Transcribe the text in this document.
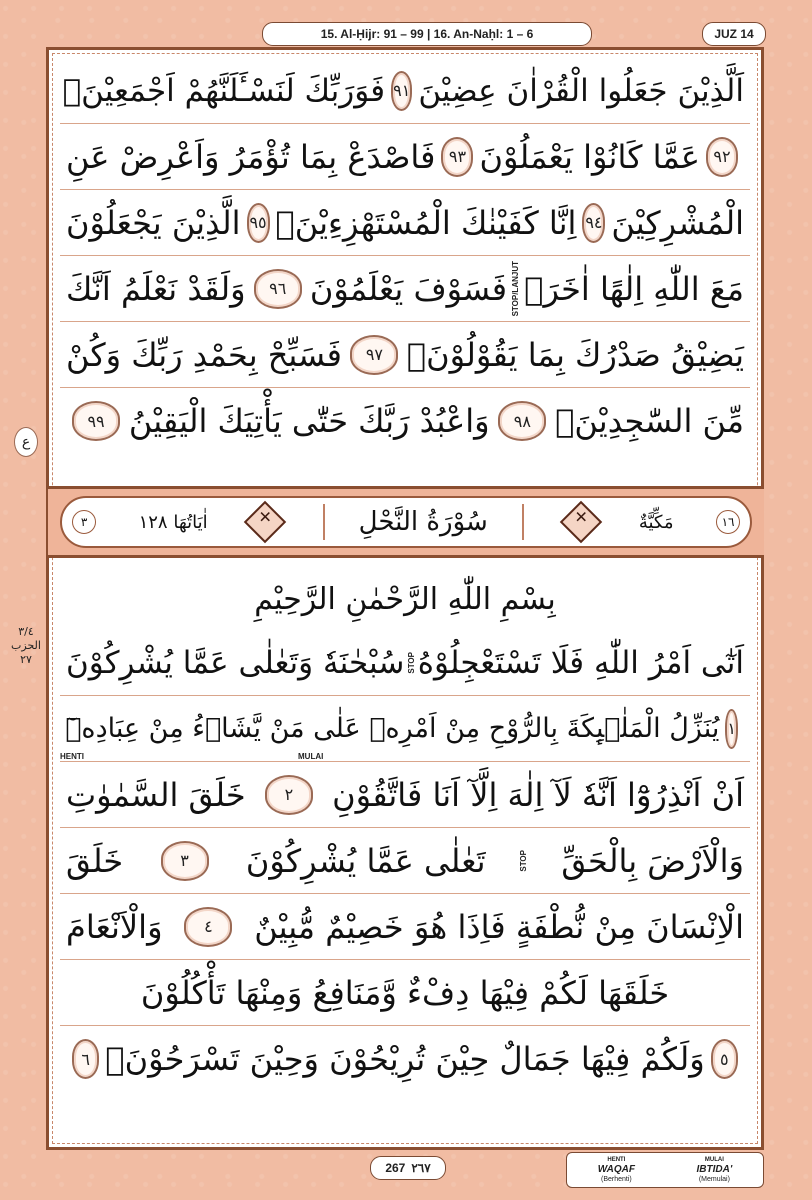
15. Al-Ḥijr: 91 – 99 | 16. An-Naḥl: 1 – 6	JUZ 14
اَلَّذِيْنَ جَعَلُوا الْقُرْاٰنَ عِضِيْنَ
٩١
فَوَرَبِّكَ لَنَسْـَٔلَنَّهُمْ اَجْمَعِيْنَۙ
٩٢
عَمَّا كَانُوْا يَعْمَلُوْنَ
٩٣
فَاصْدَعْ بِمَا تُؤْمَرُ وَاَعْرِضْ عَنِ
الْمُشْرِكِيْنَ
٩٤
اِنَّا كَفَيْنٰكَ الْمُسْتَهْزِءِيْنَۙ
٩٥
الَّذِيْنَ يَجْعَلُوْنَ
مَعَ اللّٰهِ اِلٰهًا اٰخَرَۚ
STOP/LANJUT
فَسَوْفَ يَعْلَمُوْنَ
٩٦
وَلَقَدْ نَعْلَمُ اَنَّكَ
يَضِيْقُ صَدْرُكَ بِمَا يَقُوْلُوْنَۙ
٩٧
فَسَبِّحْ بِحَمْدِ رَبِّكَ وَكُنْ
مِّنَ السّٰجِدِيْنَۙ
٩٨
وَاعْبُدْ رَبَّكَ حَتّٰى يَأْتِيَكَ الْيَقِيْنُ
٩٩
ع
١٦
مَكِّيَّةٌ
✕
سُوْرَةُ النَّحْلِ
✕
اٰيَاتُهَا ١٢٨
٣
بِسْمِ اللّٰهِ الرَّحْمٰنِ الرَّحِيْمِ
٣/٤
الحزب
٢٧	اَتٰٓى اَمْرُ اللّٰهِ فَلَا تَسْتَعْجِلُوْهُ
STOP
سُبْحٰنَهٗ وَتَعٰلٰى عَمَّا يُشْرِكُوْنَ
١
يُنَزِّلُ الْمَلٰۤىِٕكَةَ بِالرُّوْحِ مِنْ اَمْرِهٖ عَلٰى مَنْ يَّشَاۤءُ مِنْ عِبَادِهٖٓ
HENTI	MULAI
اَنْ اَنْذِرُوْٓا اَنَّهٗ لَآ اِلٰهَ اِلَّآ اَنَا فَاتَّقُوْنِ
٢
خَلَقَ السَّمٰوٰتِ
وَالْاَرْضَ بِالْحَقِّ
STOP
تَعٰلٰى عَمَّا يُشْرِكُوْنَ
٣
خَلَقَ
الْاِنْسَانَ مِنْ نُّطْفَةٍ فَاِذَا هُوَ خَصِيْمٌ مُّبِيْنٌ
٤
وَالْاَنْعَامَ
خَلَقَهَا لَكُمْ فِيْهَا دِفْءٌ وَّمَنَافِعُ وَمِنْهَا تَأْكُلُوْنَ
٥
وَلَكُمْ فِيْهَا جَمَالٌ حِيْنَ تُرِيْحُوْنَ وَحِيْنَ تَسْرَحُوْنَۖ
٦
267 ٢٦٧
HENTI
WAQAF
(Berhenti)
MULAI
IBTIDA'
(Memulai)
